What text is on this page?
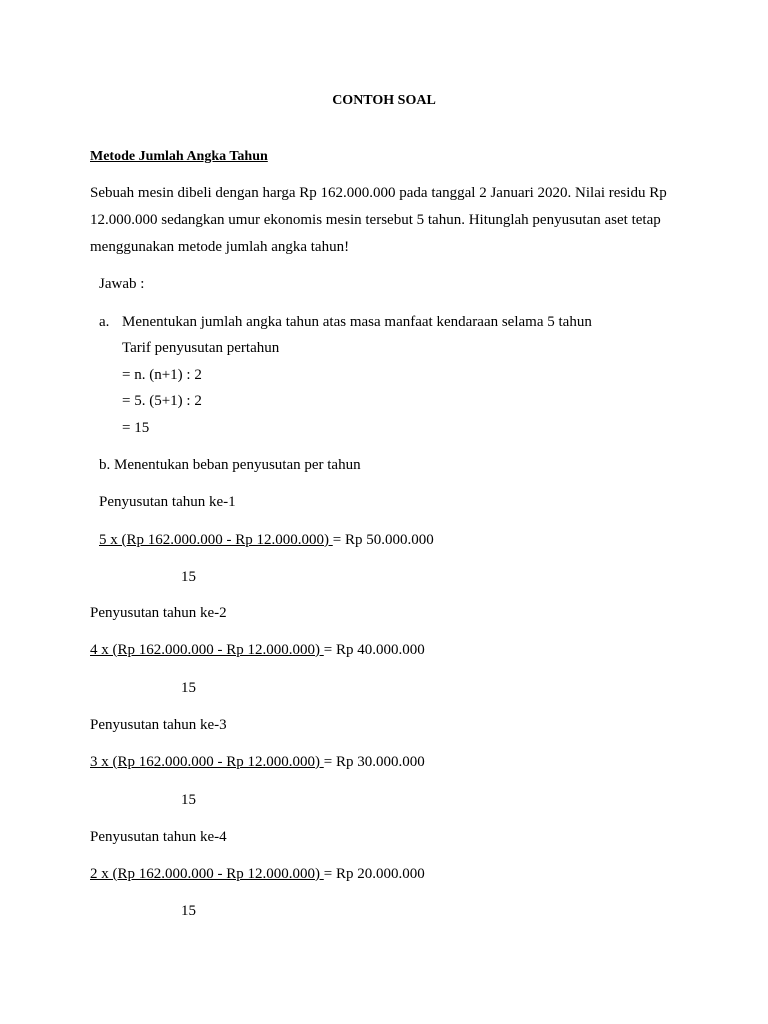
CONTOH SOAL
Metode Jumlah Angka Tahun
Sebuah mesin dibeli dengan harga Rp 162.000.000 pada tanggal 2 Januari 2020. Nilai residu Rp
12.000.000 sedangkan umur ekonomis mesin tersebut 5 tahun. Hitunglah penyusutan aset tetap
menggunakan metode jumlah angka tahun!
Jawab :
a. Menentukan jumlah angka tahun atas masa manfaat kendaraan selama 5 tahun
Tarif penyusutan pertahun
= n. (n+1) : 2
= 5. (5+1) : 2
= 15
b. Menentukan beban penyusutan per tahun
Penyusutan tahun ke-1
5 x (Rp 162.000.000 - Rp 12.000.000) = Rp 50.000.000
15
Penyusutan tahun ke-2
4 x (Rp 162.000.000 - Rp 12.000.000) = Rp 40.000.000
15
Penyusutan tahun ke-3
3 x (Rp 162.000.000 - Rp 12.000.000) = Rp 30.000.000
15
Penyusutan tahun ke-4
2 x (Rp 162.000.000 - Rp 12.000.000) = Rp 20.000.000
15
